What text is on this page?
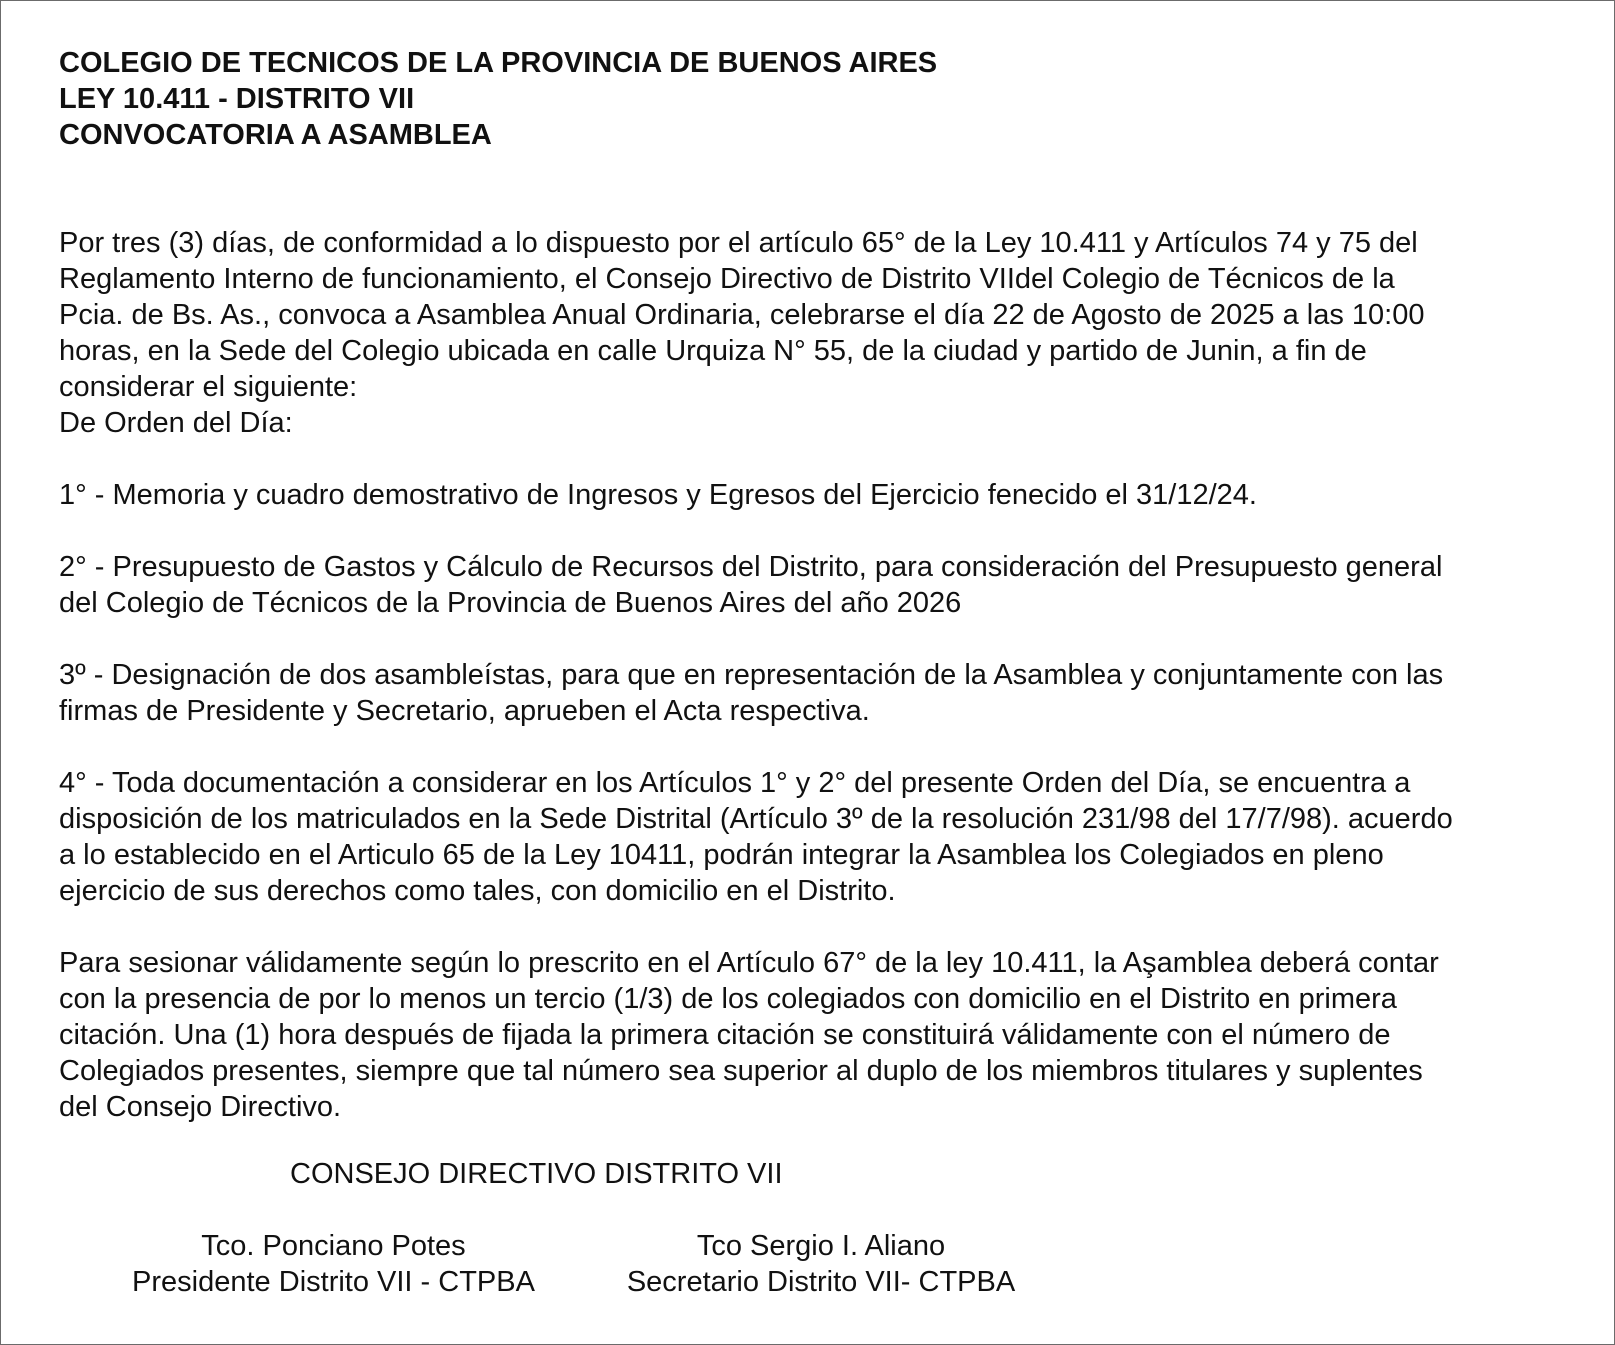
COLEGIO DE TECNICOS DE LA PROVINCIA DE BUENOS AIRES
LEY 10.411 - DISTRITO VII
CONVOCATORIA A ASAMBLEA
Por tres (3) días, de conformidad a lo dispuesto por el artículo 65° de la Ley 10.411 y Artículos 74 y 75 del
Reglamento Interno de funcionamiento, el Consejo Directivo de Distrito VIIdel Colegio de Técnicos de la
Pcia. de Bs. As., convoca a Asamblea Anual Ordinaria, celebrarse el día 22 de Agosto de 2025 a las 10:00
horas, en la Sede del Colegio ubicada en calle Urquiza N° 55, de la ciudad y partido de Junin, a fin de
considerar el siguiente:
De Orden del Día:
1° - Memoria y cuadro demostrativo de Ingresos y Egresos del Ejercicio fenecido el 31/12/24.
2° - Presupuesto de Gastos y Cálculo de Recursos del Distrito, para consideración del Presupuesto general
del Colegio de Técnicos de la Provincia de Buenos Aires del año 2026
3º - Designación de dos asambleístas, para que en representación de la Asamblea y conjuntamente con las
firmas de Presidente y Secretario, aprueben el Acta respectiva.
4° - Toda documentación a considerar en los Artículos 1° y 2° del presente Orden del Día, se encuentra a
disposición de los matriculados en la Sede Distrital (Artículo 3º de la resolución 231/98 del 17/7/98). acuerdo
a lo establecido en el Articulo 65 de la Ley 10411, podrán integrar la Asamblea los Colegiados en pleno
ejercicio de sus derechos como tales, con domicilio en el Distrito.
Para sesionar válidamente según lo prescrito en el Artículo 67° de la ley 10.411, la Aşamblea deberá contar
con la presencia de por lo menos un tercio (1/3) de los colegiados con domicilio en el Distrito en primera
citación. Una (1) hora después de fijada la primera citación se constituirá válidamente con el número de
Colegiados presentes, siempre que tal número sea superior al duplo de los miembros titulares y suplentes
del Consejo Directivo.
CONSEJO DIRECTIVO DISTRITO VII
Tco. Ponciano Potes
Presidente Distrito VII - CTPBA
Tco Sergio I. Aliano
Secretario Distrito VII- CTPBA
